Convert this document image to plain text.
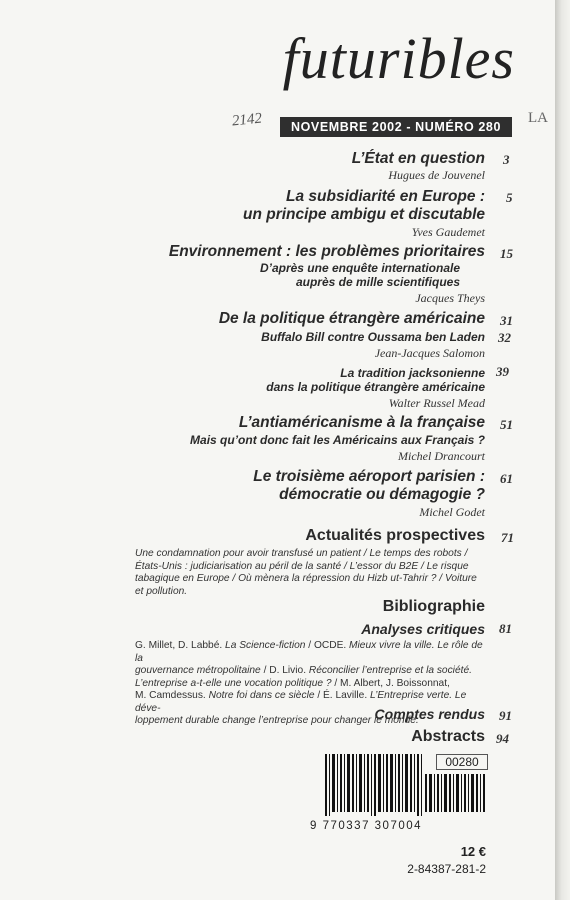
futuribles
2142	NOVEMBRE 2002 - NUMÉRO 280
LA
L’État en question
Hugues de Jouvenel
3
La subsidiarité en Europe :
un principe ambigu et discutable
Yves Gaudemet
5
Environnement : les problèmes prioritaires
D’après une enquête internationale
auprès de mille scientifiques
Jacques Theys
15
De la politique étrangère américaine
Buffalo Bill contre Oussama ben Laden
Jean-Jacques Salomon
La tradition jacksonienne
dans la politique étrangère américaine
Walter Russel Mead
31
32
39
L’antiaméricanisme à la française
Mais qu’ont donc fait les Américains aux Français ?
Michel Drancourt
51
Le troisième aéroport parisien :
démocratie ou démagogie ?
Michel Godet
61
Actualités prospectives 71
Une condamnation pour avoir transfusé un patient / Le temps des robots /
États-Unis : judiciarisation au péril de la santé / L’essor du B2E / Le risque
tabagique en Europe / Où mènera la répression du Hizb ut-Tahrir ? / Voiture
et pollution.
Bibliographie
Analyses critiques 81
G. Millet, D. Labbé. La Science-fiction / OCDE. Mieux vivre la ville. Le rôle de la
gouvernance métropolitaine / D. Livio. Réconcilier l’entreprise et la société.
L’entreprise a-t-elle une vocation politique ? / M. Albert, J. Boissonnat,
M. Camdessus. Notre foi dans ce siècle / É. Laville. L’Entreprise verte. Le déve-
loppement durable change l’entreprise pour changer le monde.
Comptes rendus 91
Abstracts 94
00280
9 770337 307004
12 €
2-84387-281-2
